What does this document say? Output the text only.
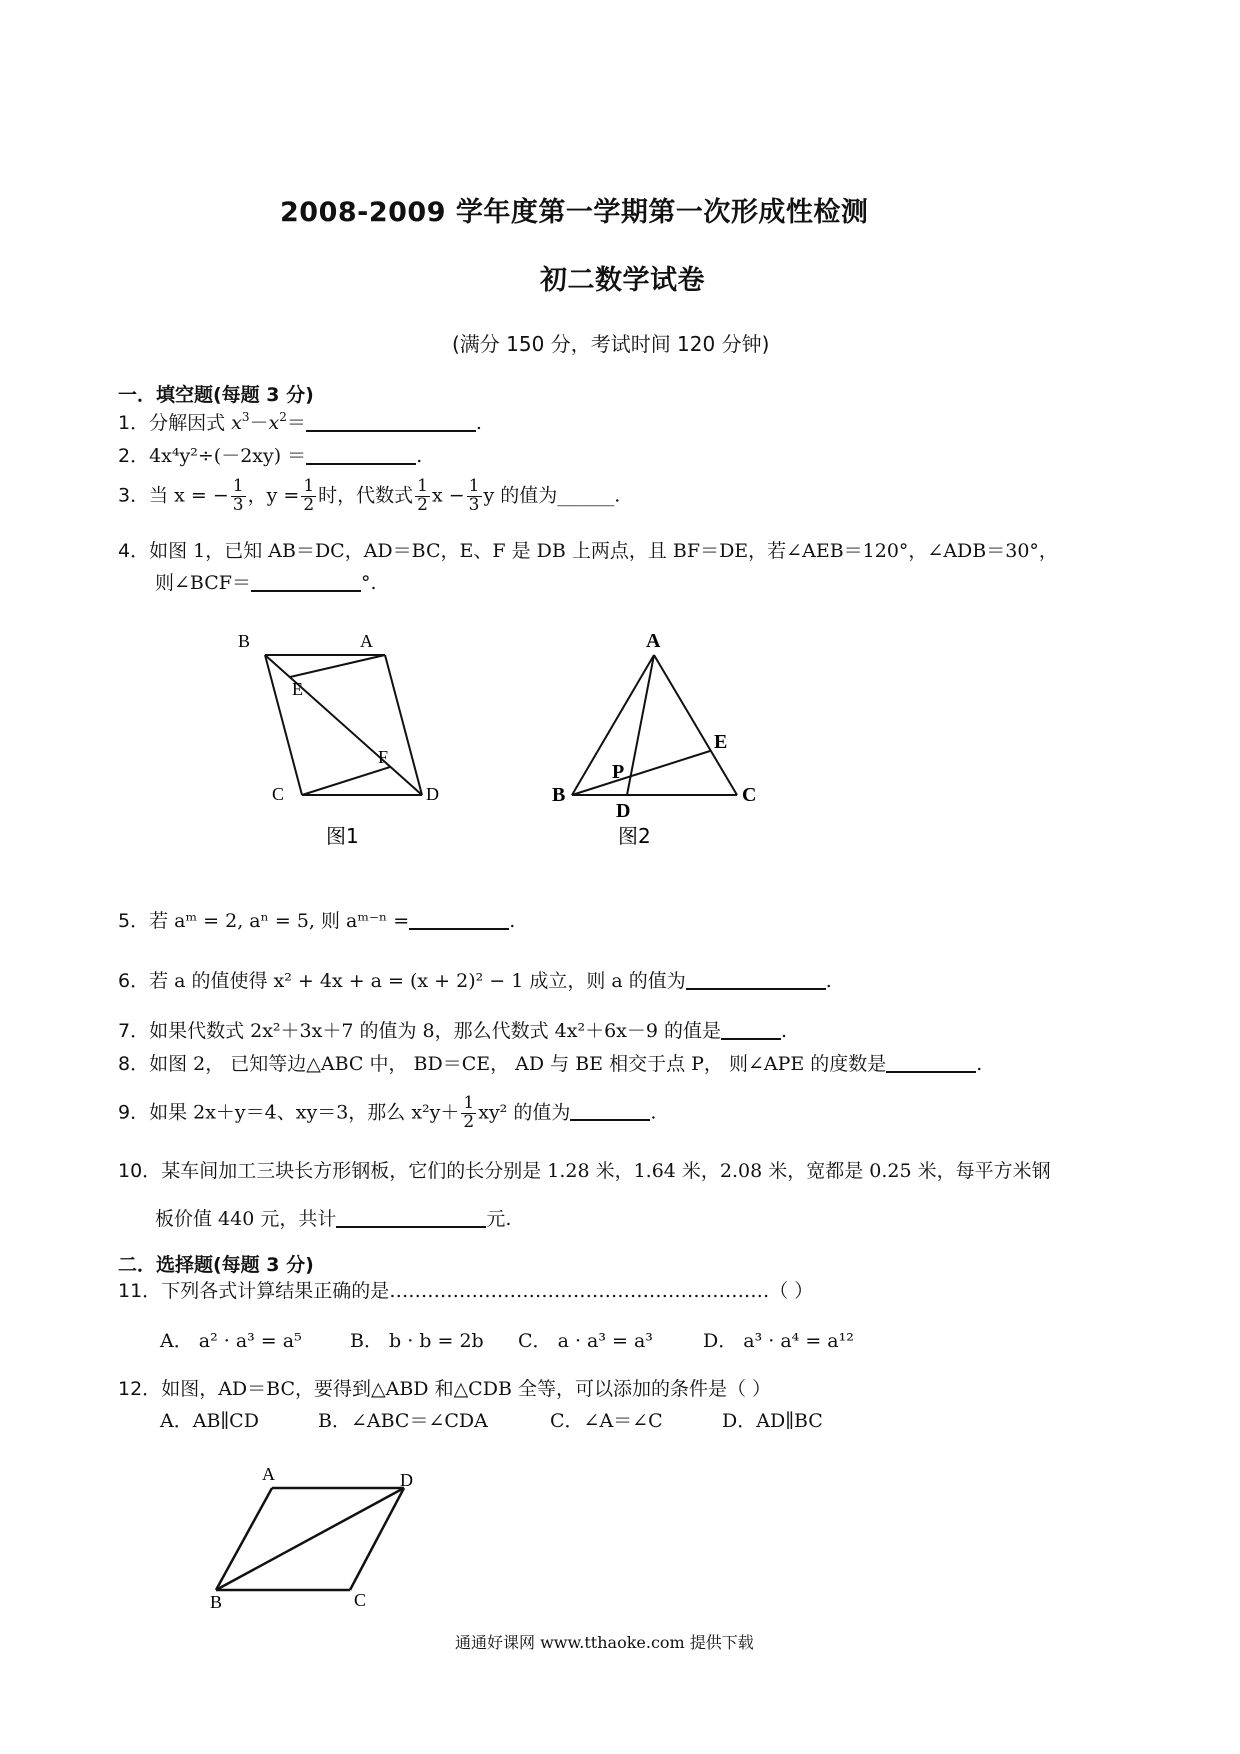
2008-2009 学年度第一学期第一次形成性检测
初二数学试卷
(满分 150 分，考试时间 120 分钟)
一．填空题(每题 3 分)
1．分解因式 $x^3-x^2=$	.
2．4x⁴y²÷(－2xy) ＝	.
3．当 x = − $\frac{1}{3}$ ，$y = \frac{1}{2}$ 时，代数式 $\frac{1}{2}$ $x - \frac{1}{3}$ y 的值为______.
4．如图 1，已知 AB＝DC，AD＝BC，E、F 是 DB 上两点，且 BF＝DE，若∠AEB＝120°，∠ADB＝30°，
则∠BCF＝	°.
B	A
E
F
C	D
图1
A
E
P
B
D
C
图2
5．若 aᵐ = 2, aⁿ = 5, 则 aᵐ⁻ⁿ =	.
6．若 a 的值使得 x² + 4x + a = (x + 2)² − 1 成立，则 a 的值为	.
7．如果代数式 2x²＋3x＋7 的值为 8，那么代数式 4x²＋6x－9 的值是	.
8．如图 2， 已知等边△ABC 中， BD＝CE， AD 与 BE 相交于点 P， 则∠APE 的度数是	.
9．如果 2x＋y＝4、xy＝3，那么 $x^2y+ \frac{1}{2} xy^2$ 的值为	.
10．某车间加工三块长方形钢板，它们的长分别是 1.28 米，1.64 米，2.08 米，宽都是 0.25 米，每平方米钢
板价值 440 元，共计	元.
二．选择题(每题 3 分)
11．下列各式计算结果正确的是……………………………………………………（ ）
A． a² · a³ = a⁵	B． b · b = 2b C． a · a³ = a³	D． a³ · a⁴ = a¹²
12．如图，AD＝BC，要得到△ABD 和△CDB 全等，可以添加的条件是（ ）
A．AB∥CD	B．∠ABC＝∠CDA	C．∠A＝∠C	D．AD∥BC
A	D
B	C
通通好课网 www.tthaoke.com 提供下载
